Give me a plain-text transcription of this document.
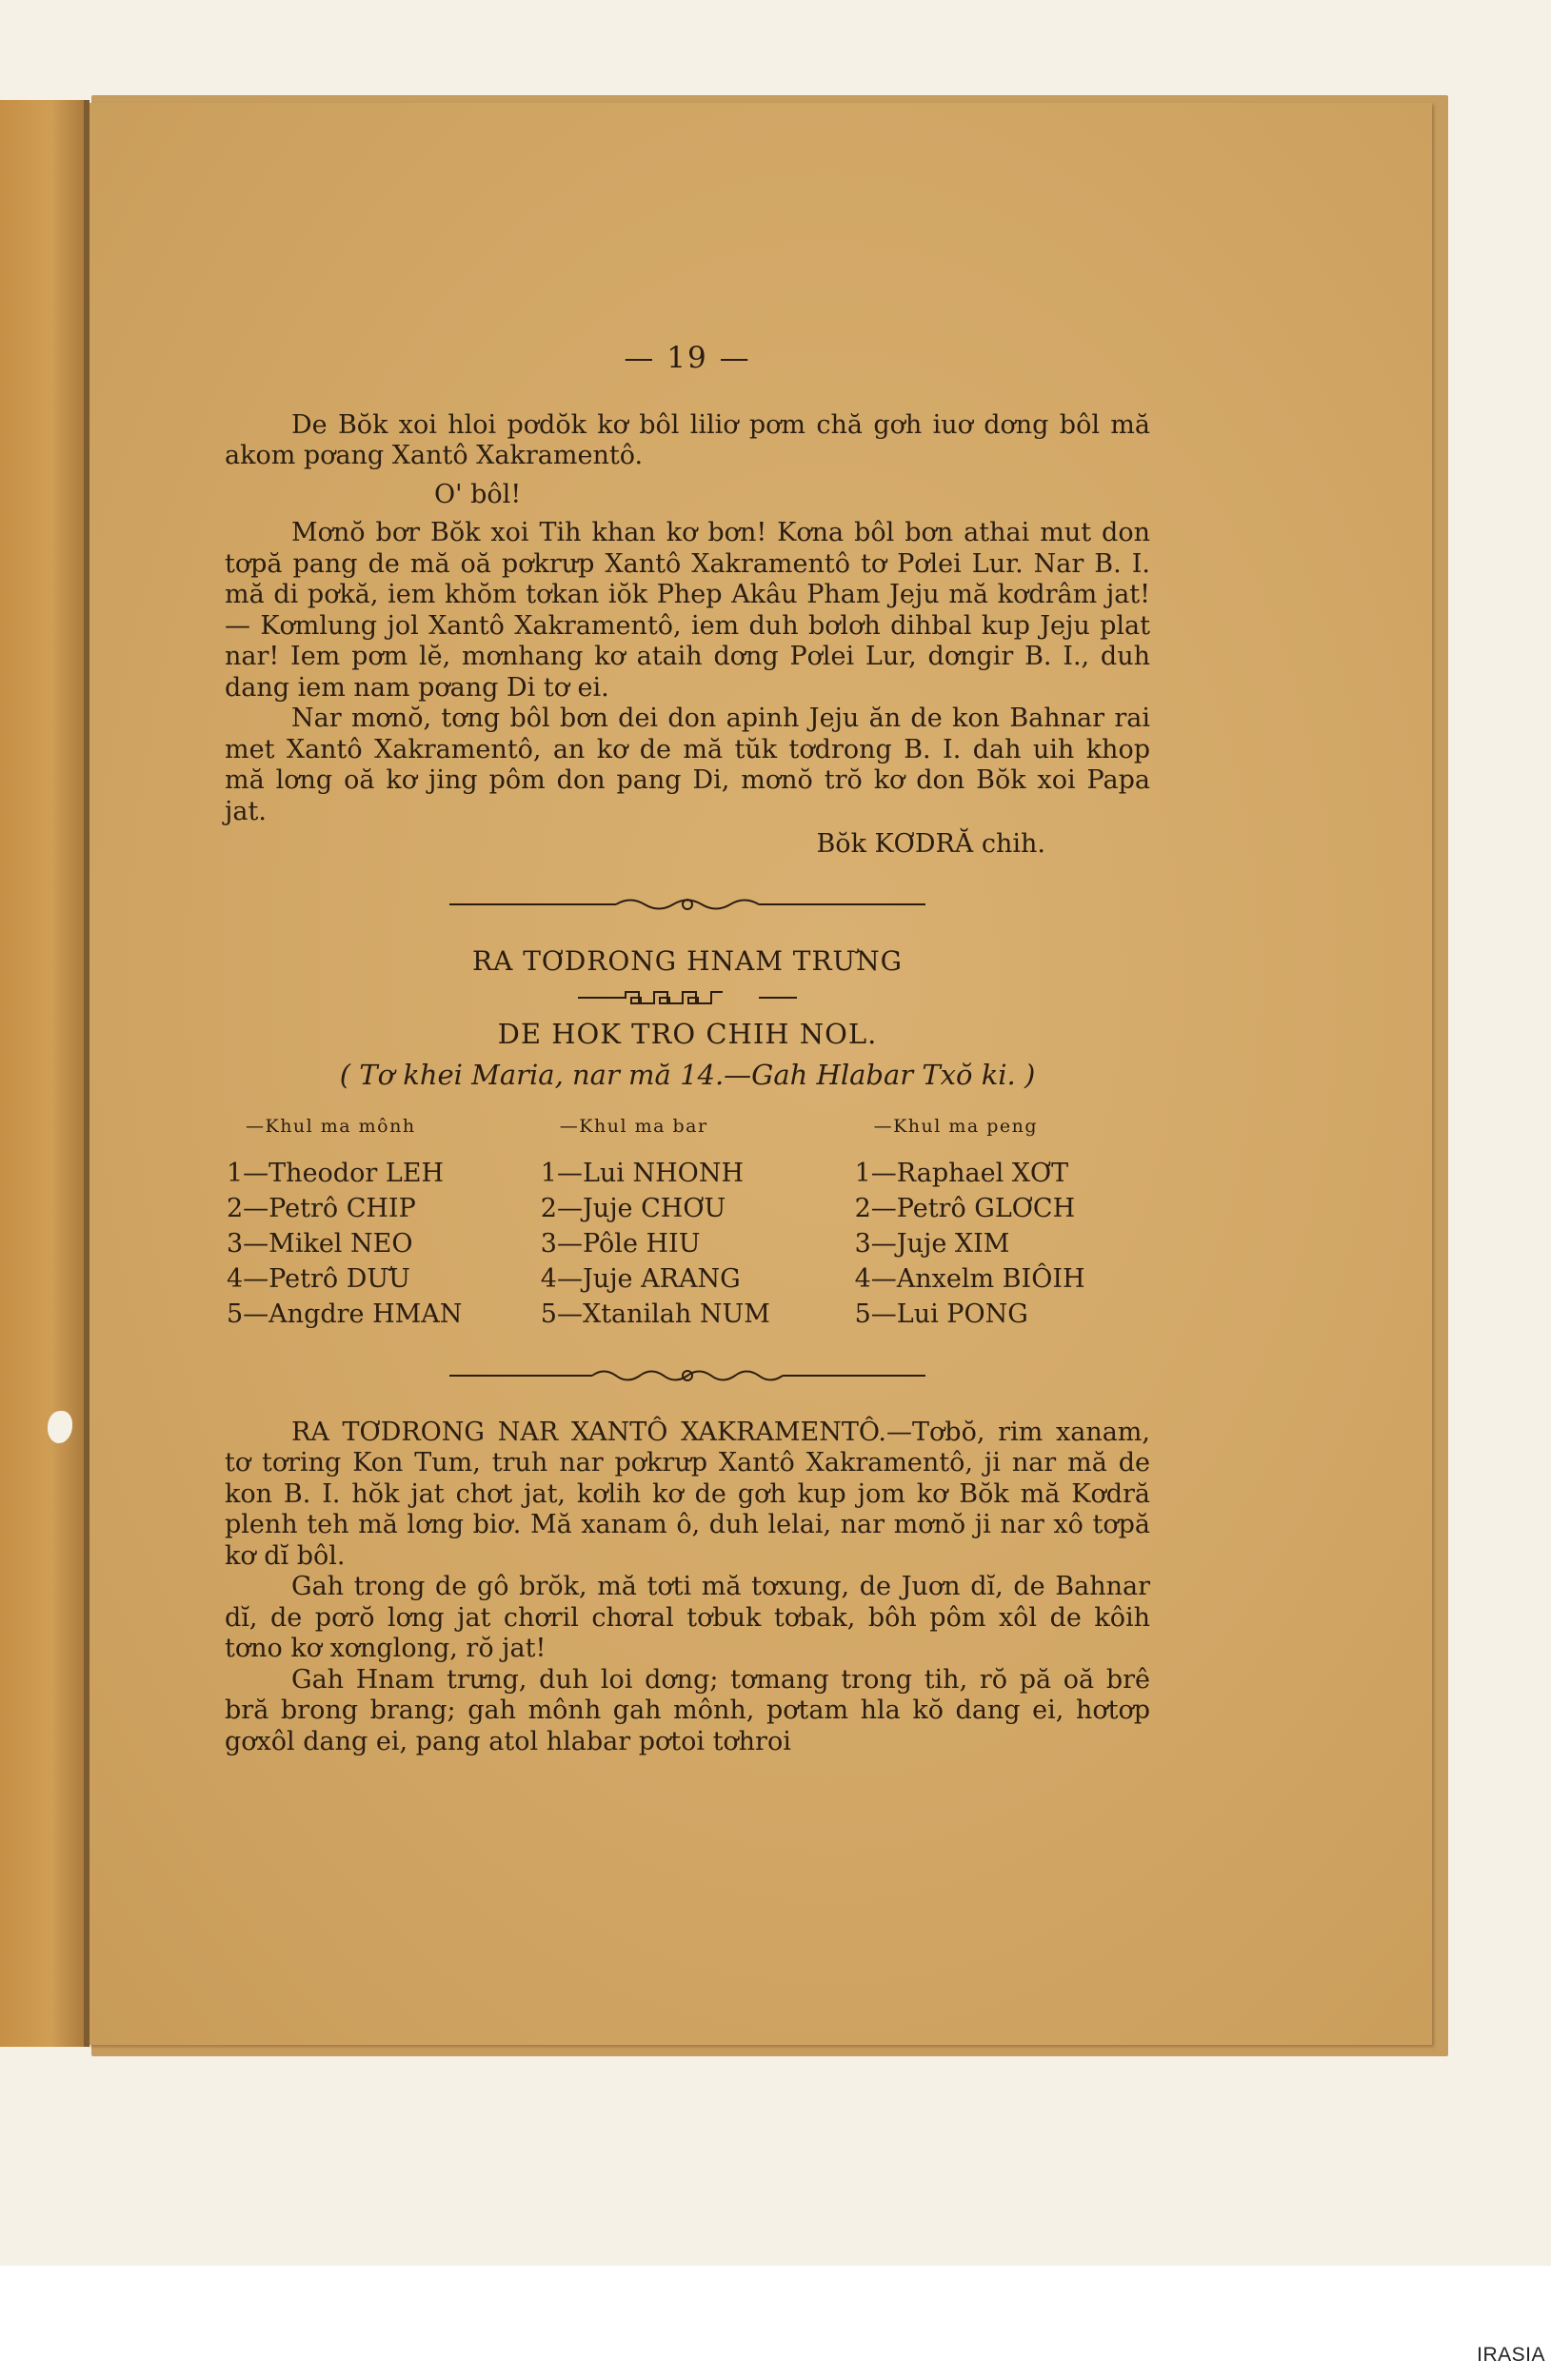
— 19 —

De Bŏk xoi hloi pơdŏk kơ bôl liliơ pơm chă gơh iuơ dơng bôl mă akom pơang Xantô Xakramentô.

O' bôl!

Mơnŏ bơr Bŏk xoi Tih khan kơ bơn! Kơna bôl bơn athai mut don tơpă pang de mă oă pơkrưp Xantô Xakramentô tơ Pơlei Lur. Nar B. I. mă di pơkă, iem khŏm tơkan iŏk Phep Akâu Pham Jeju mă kơdrâm jat! — Kơmlung jol Xantô Xakramentô, iem duh bơlơh dihbal kup Jeju plat nar! Iem pơm lĕ, mơnhang kơ ataih dơng Pơlei Lur, dơngir B. I., duh dang iem nam pơang Di tơ ei.

Nar mơnŏ, tơng bôl bơn dei don apinh Jeju ăn de kon Bahnar rai met Xantô Xakramentô, an kơ de mă tŭk tơdrong B. I. dah uih khop mă lơng oă kơ jing pôm don pang Di, mơnŏ trŏ kơ don Bŏk xoi Papa jat.

Bŏk KƠDRĂ chih.

RA TƠDRONG HNAM TRƯNG
DE HOK TRO CHIH NOL.
( Tơ khei Maria, nar mă 14.—Gah Hlabar Txŏ ki. )
—Khul ma mônh
1—Theodor LEH
2—Petrô CHIP
3—Mikel NEO
4—Petrô DƯU
5—Angdre HMAN
—Khul ma bar
1—Lui NHONH
2—Juje CHƠU
3—Pôle HIU
4—Juje ARANG
5—Xtanilah NUM
—Khul ma peng
1—Raphael XƠT
2—Petrô GLƠCH
3—Juje XIM
4—Anxelm BIÔIH
5—Lui PONG

RA TƠDRONG NAR XANTÔ XAKRAMENTÔ.—Tơbŏ, rim xanam, tơ tơring Kon Tum, truh nar pơkrưp Xantô Xakramentô, ji nar mă de kon B. I. hŏk jat chơt jat, kơlih kơ de gơh kup jom kơ Bŏk mă Kơdră plenh teh mă lơng biơ. Mă xanam ô, duh lelai, nar mơnŏ ji nar xô tơpă kơ dĭ bôl.

Gah trong de gô brŏk, mă tơti mă tơxung, de Juơn dĭ, de Bahnar dĭ, de pơrŏ lơng jat chơril chơral tơbuk tơbak, bôh pôm xôl de kôih tơno kơ xơnglong, rŏ jat!

Gah Hnam trưng, duh loi dơng; tơmang trong tih, rŏ pă oă brê bră brong brang; gah mônh gah mônh, pơtam hla kŏ dang ei, hơtơp gơxôl dang ei, pang atol hlabar pơtoi tơhroi

IRASIA
